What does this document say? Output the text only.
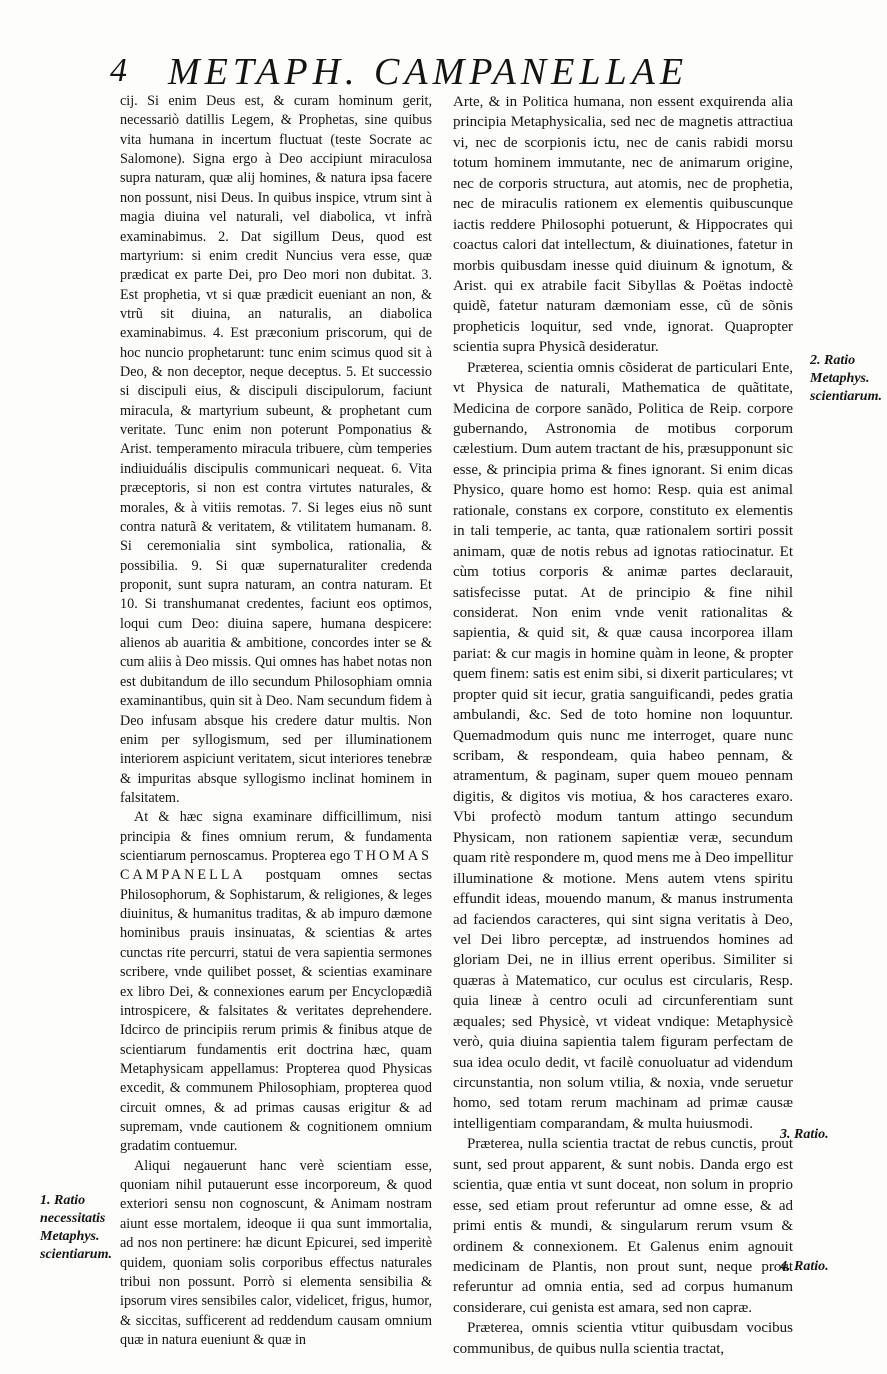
4 METAPH. CAMPANELLAE

cij. Si enim Deus est, & curam hominum gerit, necessariò datillis Legem, & Prophetas, sine quibus vita humana in incertum fluctuat (teste Socrate ac Salomone). Signa ergo à Deo accipiunt miraculosa supra naturam, quæ alij homines, & natura ipsa facere non possunt, nisi Deus. In quibus inspice, vtrum sint à magia diuina vel naturali, vel diabolica, vt infrà examinabimus. 2. Dat sigillum Deus, quod est martyrium: si enim credit Nuncius vera esse, quæ prædicat ex parte Dei, pro Deo mori non dubitat. 3. Est prophetia, vt si quæ prædicit eueniant an non, & vtrũ sit diuina, an naturalis, an diabolica examinabimus. 4. Est præconium priscorum, qui de hoc nuncio prophetarunt: tunc enim scimus quod sit à Deo, & non deceptor, neque deceptus. 5. Et successio si discipuli eius, & discipuli discipulorum, faciunt miracula, & martyrium subeunt, & prophetant cum veritate. Tunc enim non poterunt Pomponatius & Arist. temperamento miracula tribuere, cùm temperies indiuiduális discipulis communicari nequeat. 6. Vita præceptoris, si non est contra virtutes naturales, & morales, & à vitiis remotas. 7. Si leges eius nõ sunt contra naturã & veritatem, & vtilitatem humanam. 8. Si ceremonialia sint symbolica, rationalia, & possibilia. 9. Si quæ supernaturaliter credenda proponit, sunt supra naturam, an contra naturam. Et 10. Si transhumanat credentes, faciunt eos optimos, loqui cum Deo: diuina sapere, humana despicere: alienos ab auaritia & ambitione, concordes inter se & cum aliis à Deo missis. Qui omnes has habet notas non est dubitandum de illo secundum Philosophiam omnia examinantibus, quin sit à Deo. Nam secundum fidem à Deo infusam absque his credere datur multis. Non enim per syllogismum, sed per illuminationem interiorem aspiciunt veritatem, sicut interiores tenebræ & impuritas absque syllogismo inclinat hominem in falsitatem.

At & hæc signa examinare difficillimum, nisi principia & fines omnium rerum, & fundamenta scientiarum pernoscamus. Propterea ego THOMAS CAMPANELLA postquam omnes sectas Philosophorum, & Sophistarum, & religiones, & leges diuinitus, & humanitus traditas, & ab impuro dæmone hominibus prauis insinuatas, & scientias & artes cunctas rite percurri, statui de vera sapientia sermones scribere, vnde quilibet posset, & scientias examinare ex libro Dei, & connexiones earum per Encyclopædiã introspicere, & falsitates & veritates deprehendere. Idcirco de principiis rerum primis & finibus atque de scientiarum fundamentis erit doctrina hæc, quam Metaphysicam appellamus: Propterea quod Physicas excedit, & communem Philosophiam, propterea quod circuit omnes, & ad primas causas erigitur & ad supremam, vnde cautionem & cognitionem omnium gradatim contuemur.

Aliqui negauerunt hanc verè scientiam esse, quoniam nihil putauerunt esse incorporeum, & quod exteriori sensu non cognoscunt, & Animam nostram aiunt esse mortalem, ideoque ii qua sunt immortalia, ad nos non pertinere: hæ dicunt Epicurei, sed imperitè quidem, quoniam solis corporibus effectus naturales tribui non possunt. Porrò si elementa sensibilia & ipsorum vires sensibiles calor, videlicet, frigus, humor, & siccitas, sufficerent ad reddendum causam omnium quæ in natura eueniunt & quæ in

Arte, & in Politica humana, non essent exquirenda alia principia Metaphysicalia, sed nec de magnetis attractiua vi, nec de scorpionis ictu, nec de canis rabidi morsu totum hominem immutante, nec de animarum origine, nec de corporis structura, aut atomis, nec de prophetia, nec de miraculis rationem ex elementis quibuscunque iactis reddere Philosophi potuerunt, & Hippocrates qui coactus calori dat intellectum, & diuinationes, fatetur in morbis quibusdam inesse quid diuinum & ignotum, & Arist. qui ex atrabile facit Sibyllas & Poëtas indoctè quidẽ, fatetur naturam dæmoniam esse, cũ de sõnis propheticis loquitur, sed vnde, ignorat. Quapropter scientia supra Physicã desideratur.

Præterea, scientia omnis cõsiderat de particulari Ente, vt Physica de naturali, Mathematica de quãtitate, Medicina de corpore sanãdo, Politica de Reip. corpore gubernando, Astronomia de motibus corporum cælestium. Dum autem tractant de his, præsupponunt sic esse, & principia prima & fines ignorant. Si enim dicas Physico, quare homo est homo: Resp. quia est animal rationale, constans ex corpore, constituto ex elementis in tali temperie, ac tanta, quæ rationalem sortiri possit animam, quæ de notis rebus ad ignotas ratiocinatur. Et cùm totius corporis & animæ partes declarauit, satisfecisse putat. At de principio & fine nihil considerat. Non enim vnde venit rationalitas & sapientia, & quid sit, & quæ causa incorporea illam pariat: & cur magis in homine quàm in leone, & propter quem finem: satis est enim sibi, si dixerit particulares; vt propter quid sit iecur, gratia sanguificandi, pedes gratia ambulandi, &c. Sed de toto homine non loquuntur. Quemadmodum quis nunc me interroget, quare nunc scribam, & respondeam, quia habeo pennam, & atramentum, & paginam, super quem moueo pennam digitis, & digitos vis motiua, & hos caracteres exaro. Vbi profectò modum tantum attingo secundum Physicam, non rationem sapientiæ veræ, secundum quam ritè respondere m, quod mens me à Deo impellitur illuminatione & motione. Mens autem vtens spiritu effundit ideas, mouendo manum, & manus instrumenta ad faciendos caracteres, qui sint signa veritatis à Deo, vel Dei libro perceptæ, ad instruendos homines ad gloriam Dei, ne in illius errent operibus. Similiter si quæras à Matematico, cur oculus est circularis, Resp. quia lineæ à centro oculi ad circunferentiam sunt æquales; sed Physicè, vt videat vndique: Metaphysicè verò, quia diuina sapientia talem figuram perfectam de sua idea oculo dedit, vt facilè conuoluatur ad videndum circunstantia, non solum vtilia, & noxia, vnde seruetur homo, sed totam rerum machinam ad primæ causæ intelligentiam comparandam, & multa huiusmodi.

Præterea, nulla scientia tractat de rebus cunctis, prout sunt, sed prout apparent, & sunt nobis. Danda ergo est scientia, quæ entia vt sunt doceat, non solum in proprio esse, sed etiam prout referuntur ad omne esse, & ad primi entis & mundi, & singularum rerum vsum & ordinem & connexionem. Et Galenus enim agnouit medicinam de Plantis, non prout sunt, neque prout referuntur ad omnia entia, sed ad corpus humanum considerare, cui genista est amara, sed non capræ.

Præterea, omnis scientia vtitur quibusdam vocibus communibus, de quibus nulla scientia tractat,

1. Ratio necessitatis Metaphys. scientiarum.
2. Ratio Metaphys. scientiarum.
3. Ratio.
4. Ratio.
